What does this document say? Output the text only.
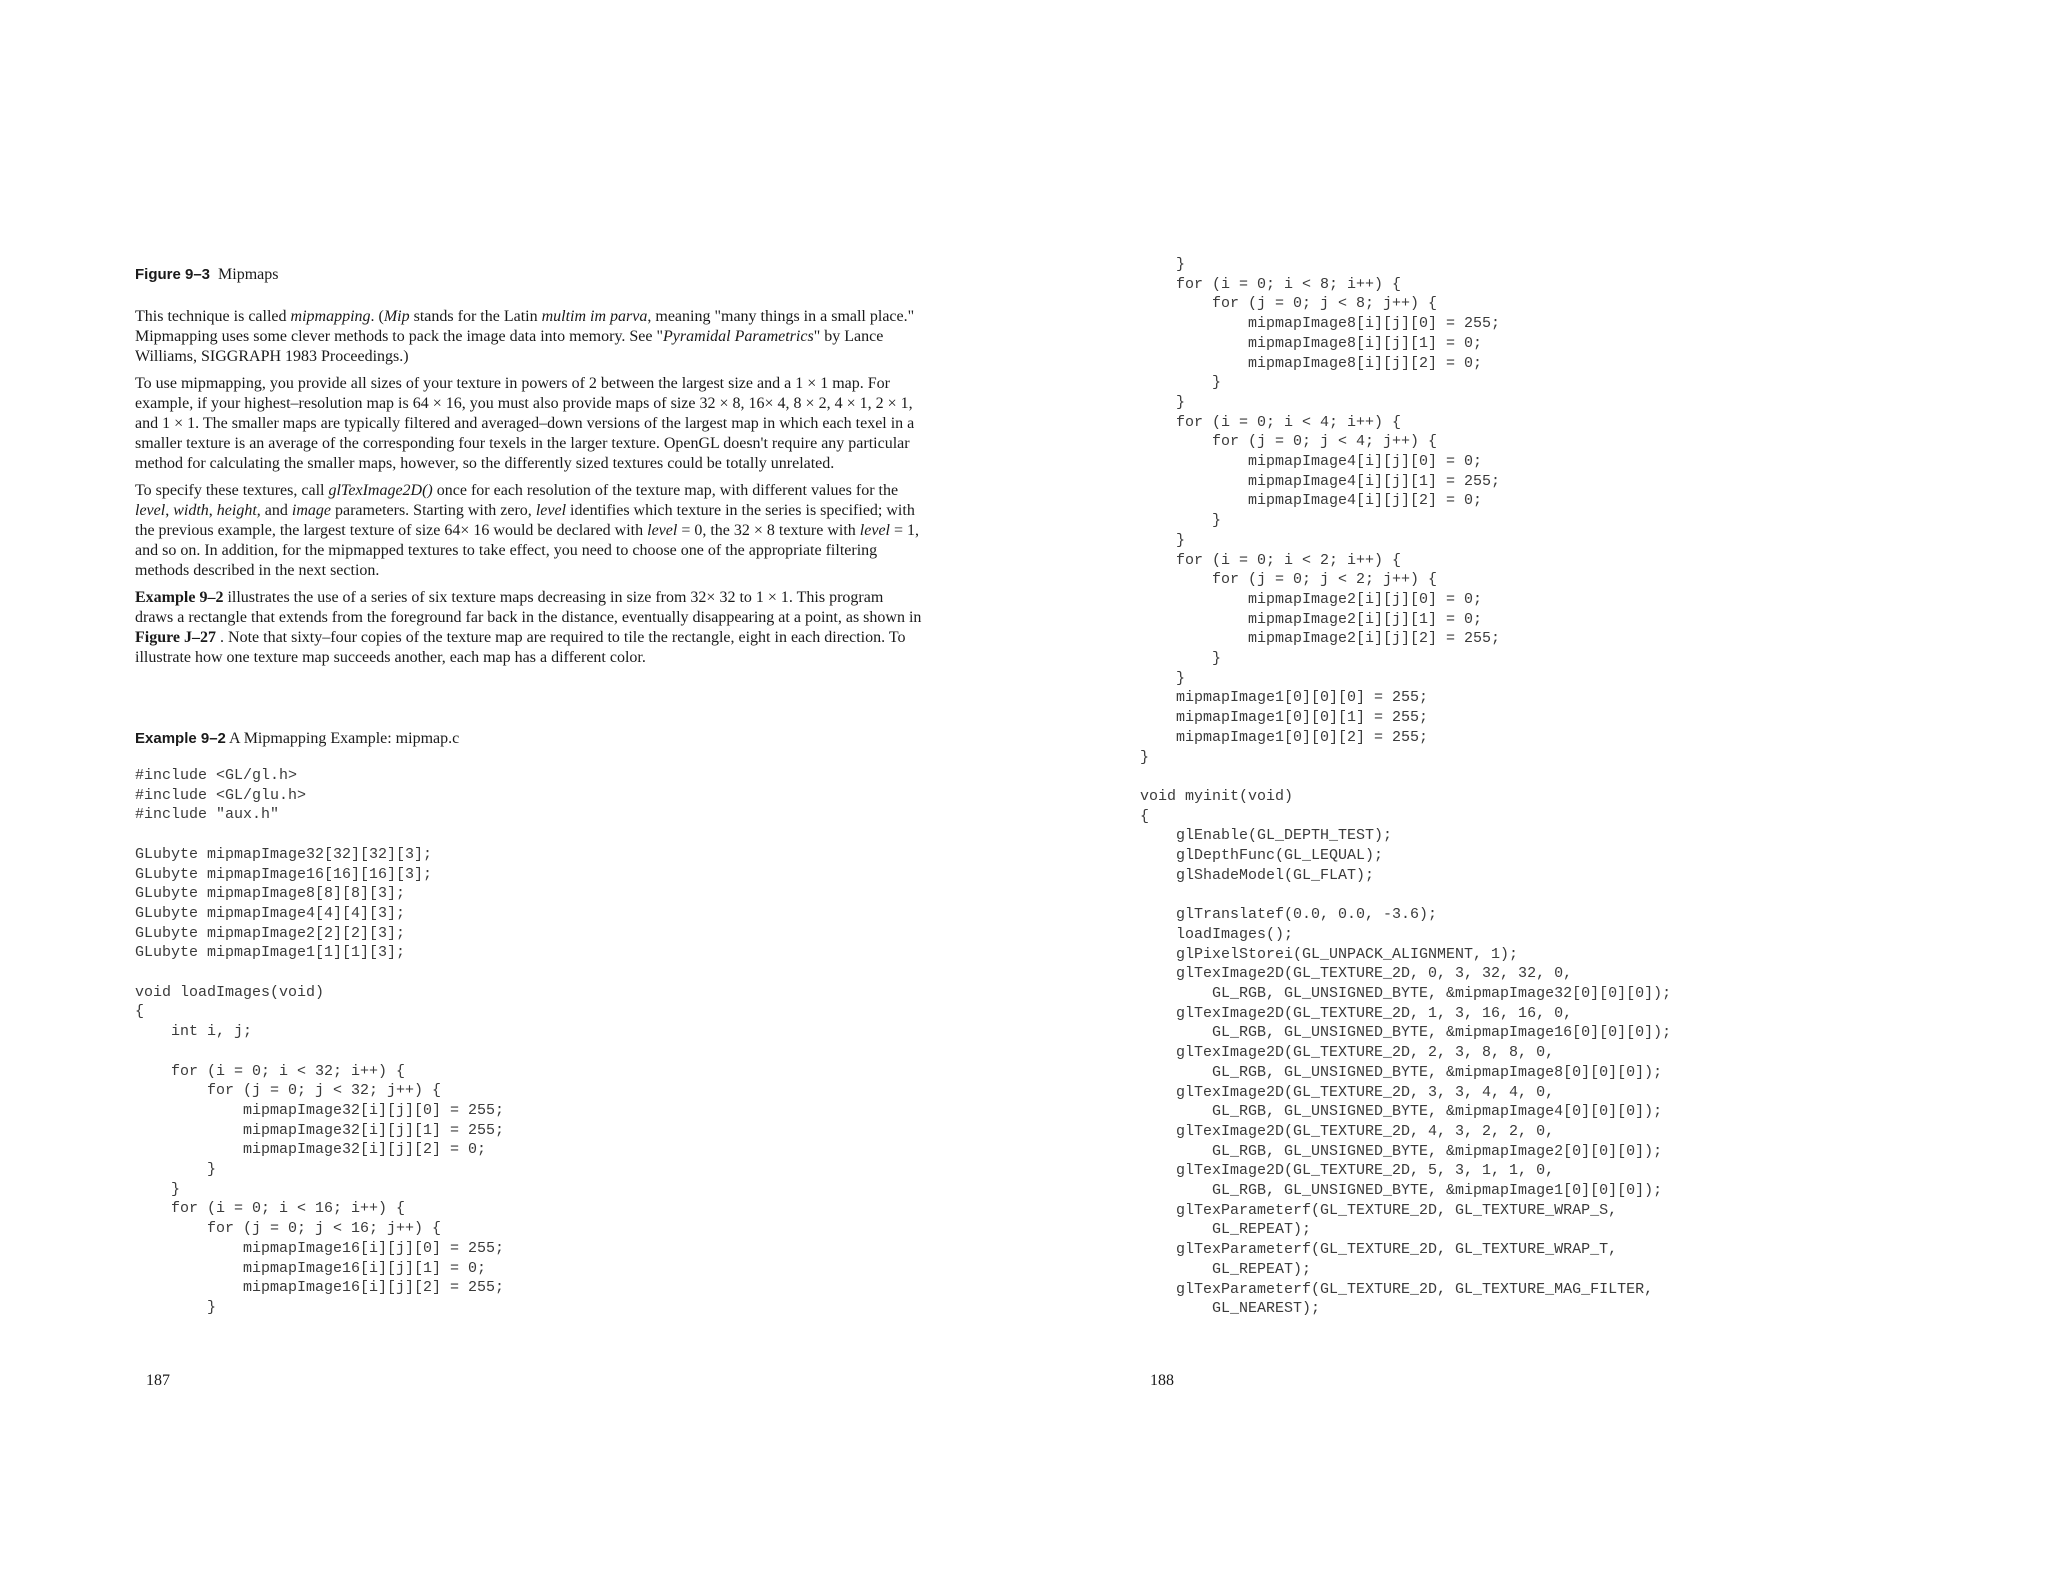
Figure 9–3 Mipmaps

This technique is called mipmapping. (Mip stands for the Latin multim im parva, meaning "many things in a small place." Mipmapping uses some clever methods to pack the image data into memory. See "Pyramidal Parametrics" by Lance Williams, SIGGRAPH 1983 Proceedings.)

To use mipmapping, you provide all sizes of your texture in powers of 2 between the largest size and a 1 × 1 map. For example, if your highest–resolution map is 64 × 16, you must also provide maps of size 32 × 8, 16× 4, 8 × 2, 4 × 1, 2 × 1, and 1 × 1. The smaller maps are typically filtered and averaged–down versions of the largest map in which each texel in a smaller texture is an average of the corresponding four texels in the larger texture. OpenGL doesn't require any particular method for calculating the smaller maps, however, so the differently sized textures could be totally unrelated.

To specify these textures, call glTexImage2D() once for each resolution of the texture map, with different values for the level, width, height, and image parameters. Starting with zero, level identifies which texture in the series is specified; with the previous example, the largest texture of size 64× 16 would be declared with level = 0, the 32 × 8 texture with level = 1, and so on. In addition, for the mipmapped textures to take effect, you need to choose one of the appropriate filtering methods described in the next section.

Example 9–2 illustrates the use of a series of six texture maps decreasing in size from 32× 32 to 1 × 1. This program draws a rectangle that extends from the foreground far back in the distance, eventually disappearing at a point, as shown in Figure J–27 . Note that sixty–four copies of the texture map are required to tile the rectangle, eight in each direction. To illustrate how one texture map succeeds another, each map has a different color.

Example 9–2 A Mipmapping Example: mipmap.c
#include <GL/gl.h>
#include <GL/glu.h>
#include "aux.h"

GLubyte mipmapImage32[32][32][3];
GLubyte mipmapImage16[16][16][3];
GLubyte mipmapImage8[8][8][3];
GLubyte mipmapImage4[4][4][3];
GLubyte mipmapImage2[2][2][3];
GLubyte mipmapImage1[1][1][3];

void loadImages(void)
{
int i, j;

for (i = 0; i < 32; i++) {
for (j = 0; j < 32; j++) {
mipmapImage32[i][j][0] = 255;
mipmapImage32[i][j][1] = 255;
mipmapImage32[i][j][2] = 0;
}
}
for (i = 0; i < 16; i++) {
for (j = 0; j < 16; j++) {
mipmapImage16[i][j][0] = 255;
mipmapImage16[i][j][1] = 0;
mipmapImage16[i][j][2] = 255;
}
187
}
for (i = 0; i < 8; i++) {
for (j = 0; j < 8; j++) {
mipmapImage8[i][j][0] = 255;
mipmapImage8[i][j][1] = 0;
mipmapImage8[i][j][2] = 0;
}
}
for (i = 0; i < 4; i++) {
for (j = 0; j < 4; j++) {
mipmapImage4[i][j][0] = 0;
mipmapImage4[i][j][1] = 255;
mipmapImage4[i][j][2] = 0;
}
}
for (i = 0; i < 2; i++) {
for (j = 0; j < 2; j++) {
mipmapImage2[i][j][0] = 0;
mipmapImage2[i][j][1] = 0;
mipmapImage2[i][j][2] = 255;
}
}
mipmapImage1[0][0][0] = 255;
mipmapImage1[0][0][1] = 255;
mipmapImage1[0][0][2] = 255;
}

void myinit(void)
{
glEnable(GL_DEPTH_TEST);
glDepthFunc(GL_LEQUAL);
glShadeModel(GL_FLAT);

glTranslatef(0.0, 0.0, -3.6);
loadImages();
glPixelStorei(GL_UNPACK_ALIGNMENT, 1);
glTexImage2D(GL_TEXTURE_2D, 0, 3, 32, 32, 0,
GL_RGB, GL_UNSIGNED_BYTE, &mipmapImage32[0][0][0]);
glTexImage2D(GL_TEXTURE_2D, 1, 3, 16, 16, 0,
GL_RGB, GL_UNSIGNED_BYTE, &mipmapImage16[0][0][0]);
glTexImage2D(GL_TEXTURE_2D, 2, 3, 8, 8, 0,
GL_RGB, GL_UNSIGNED_BYTE, &mipmapImage8[0][0][0]);
glTexImage2D(GL_TEXTURE_2D, 3, 3, 4, 4, 0,
GL_RGB, GL_UNSIGNED_BYTE, &mipmapImage4[0][0][0]);
glTexImage2D(GL_TEXTURE_2D, 4, 3, 2, 2, 0,
GL_RGB, GL_UNSIGNED_BYTE, &mipmapImage2[0][0][0]);
glTexImage2D(GL_TEXTURE_2D, 5, 3, 1, 1, 0,
GL_RGB, GL_UNSIGNED_BYTE, &mipmapImage1[0][0][0]);
glTexParameterf(GL_TEXTURE_2D, GL_TEXTURE_WRAP_S,
GL_REPEAT);
glTexParameterf(GL_TEXTURE_2D, GL_TEXTURE_WRAP_T,
GL_REPEAT);
glTexParameterf(GL_TEXTURE_2D, GL_TEXTURE_MAG_FILTER,
GL_NEAREST);
188
